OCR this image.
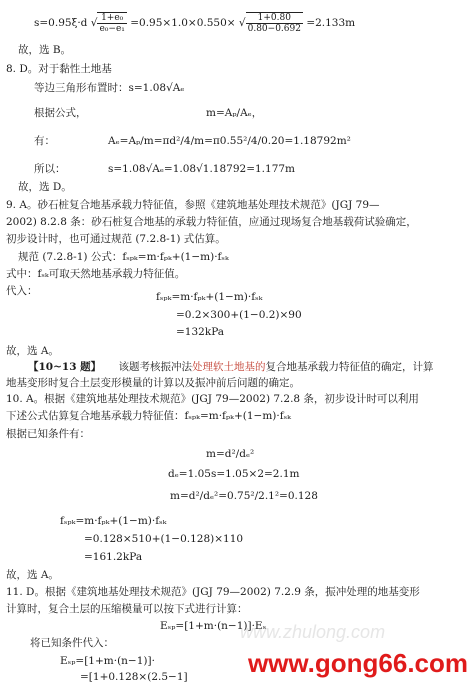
s=0.95ξ·d √ $\frac{\text{1+e₀}}{\text{e₀−e₁}} =0.95\times 1.0\times 0.550\times$ √ $\frac{1+0.80}{0.80-0.692} =2.133m$
故，选 B。
8. D。对于黏性土地基
等边三角形布置时：s=1.08√Aₑ
根据公式，	m=Aₚ/Aₑ，
有：	Aₑ=Aₚ/m=πd²/4/m=π0.55²/4/0.20=1.18792m²
所以：	s=1.08√Aₑ=1.08√1.18792=1.177m
故，选 D。
9. A。砂石桩复合地基承载力特征值，参照《建筑地基处理技术规范》(JGJ 79—
2002) 8.2.8 条：砂石桩复合地基的承载力特征值，应通过现场复合地基载荷试验确定，
初步设计时，也可通过规范 (7.2.8-1) 式估算。
规范 (7.2.8-1) 公式：fₛₚₖ=m·fₚₖ+(1−m)·fₛₖ
式中：fₛₖ可取天然地基承载力特征值。
代入：	fₛₚₖ=m·fₚₖ+(1−m)·fₛₖ
=0.2×300+(1−0.2)×90
=132kPa
故，选 A。
【10~13 题】 该题考核振冲法处理软土地基的复合地基承载力特征值的确定，计算
地基变形时复合土层变形模量的计算以及振冲前后问题的确定。
10. A。根据《建筑地基处理技术规范》(JGJ 79—2002) 7.2.8 条，初步设计时可以利用
下述公式估算复合地基承载力特征值：fₛₚₖ=m·fₚₖ+(1−m)·fₛₖ
根据已知条件有：
m=d²/dₑ²
dₑ=1.05s=1.05×2=2.1m
m=d²/dₑ²=0.75²/2.1²=0.128
fₛₚₖ=m·fₚₖ+(1−m)·fₛₖ
=0.128×510+(1−0.128)×110
=161.2kPa
故，选 A。
11. D。根据《建筑地基处理技术规范》(JGJ 79—2002) 7.2.9 条，振冲处理的地基变形
计算时，复合土层的压缩模量可以按下式进行计算：
www.zhulong.com
Eₛₚ=[1+m·(n−1)]·Eₛ
将已知条件代入：
Eₛₚ=[1+m·(n−1)]·
=[1+0.128×(2.5−1] www.gong66.com
